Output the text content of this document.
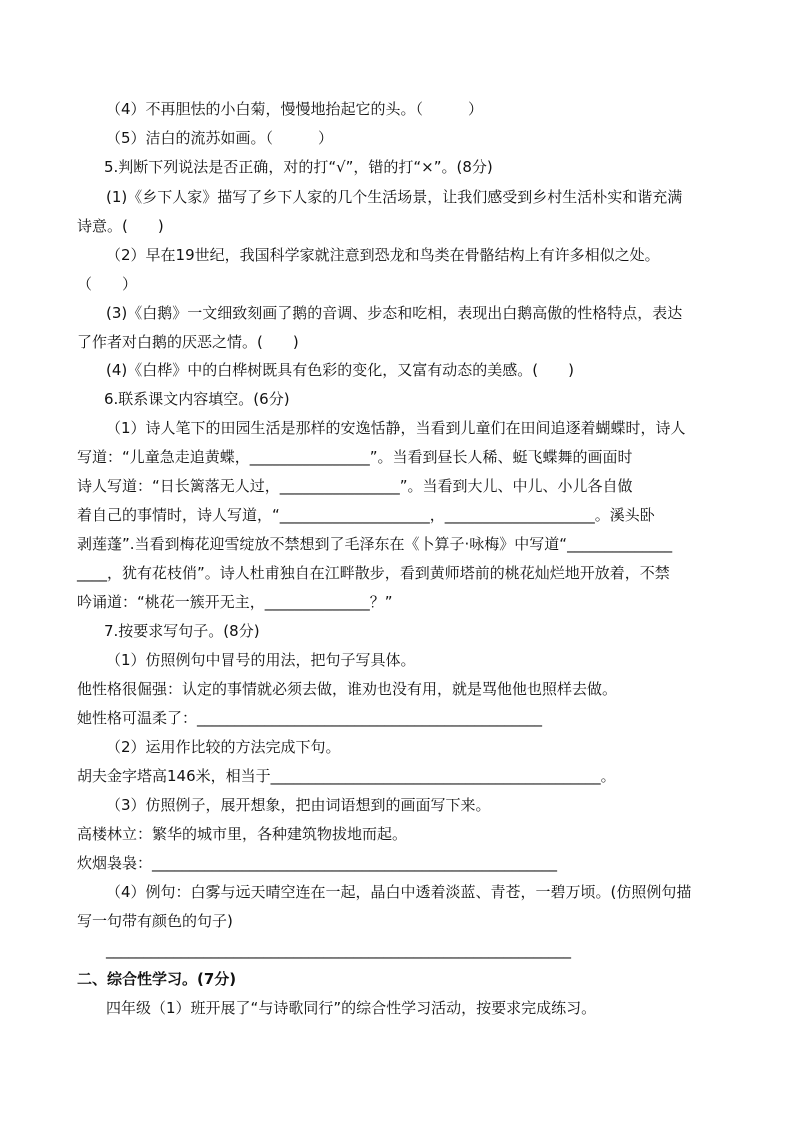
（4）不再胆怯的小白菊，慢慢地抬起它的头。（　　　）
（5）洁白的流苏如画。（　　　）
5.判断下列说法是否正确，对的打“√”，错的打“×”。(8分)
(1)《乡下人家》描写了乡下人家的几个生活场景，让我们感受到乡村生活朴实和谐充满
诗意。(　　)
（2）早在19世纪，我国科学家就注意到恐龙和鸟类在骨骼结构上有许多相似之处。
（　　）
(3)《白鹅》一文细致刻画了鹅的音调、步态和吃相，表现出白鹅高傲的性格特点，表达
了作者对白鹅的厌恶之情。(　　)
(4)《白桦》中的白桦树既具有色彩的变化，又富有动态的美感。(　　)
6.联系课文内容填空。(6分)
（1）诗人笔下的田园生活是那样的安逸恬静，当看到儿童们在田间追逐着蝴蝶时，诗人
写道：“儿童急走追黄蝶，________________”。当看到昼长人稀、蜓飞蝶舞的画面时
诗人写道：“日长篱落无人过，________________”。当看到大儿、中儿、小儿各自做
着自己的事情时，诗人写道，“____________________，____________________。溪头卧
剥莲蓬”.当看到梅花迎雪绽放不禁想到了毛泽东在《卜算子·咏梅》中写道“______________
____，犹有花枝俏”。诗人杜甫独自在江畔散步，看到黄师塔前的桃花灿烂地开放着，不禁
吟诵道：“桃花一簇开无主，______________？”
7.按要求写句子。(8分)
（1）仿照例句中冒号的用法，把句子写具体。
他性格很倔强：认定的事情就必须去做，谁劝也没有用，就是骂他他也照样去做。
她性格可温柔了：______________________________________________
（2）运用作比较的方法完成下句。
胡夫金字塔高146米，相当于____________________________________________。
（3）仿照例子，展开想象，把由词语想到的画面写下来。
高楼林立：繁华的城市里，各种建筑物拔地而起。
炊烟袅袅：______________________________________________________
（4）例句：白雾与远天晴空连在一起，晶白中透着淡蓝、青苍，一碧万顷。(仿照例句描
写一句带有颜色的句子)
______________________________________________________________
二、综合性学习。(7分)
四年级（1）班开展了“与诗歌同行”的综合性学习活动，按要求完成练习。
